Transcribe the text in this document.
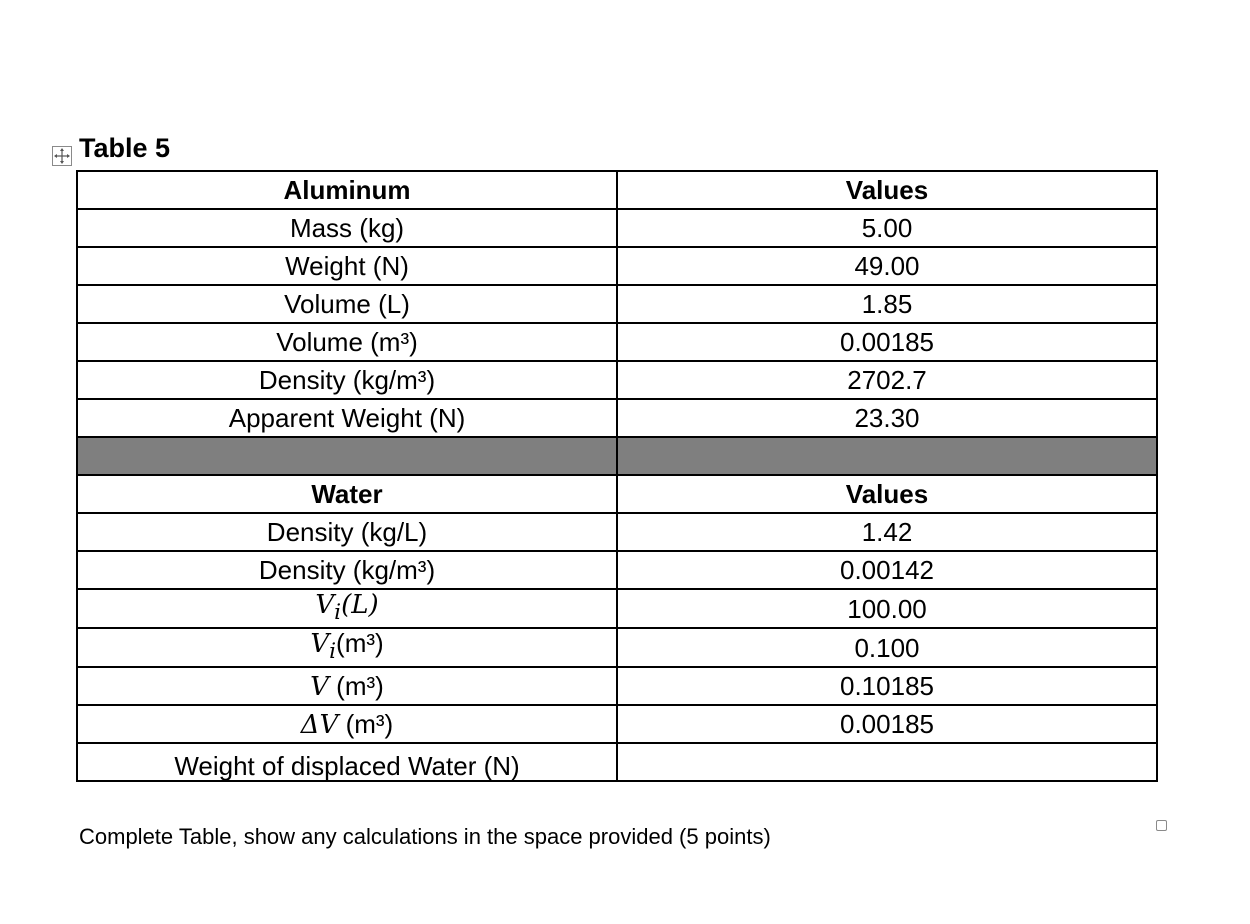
Table 5
Aluminum	Values
Mass (kg)	5.00
Weight (N)	49.00
Volume (L)	1.85
Volume (m³)	0.00185
Density (kg/m³)	2702.7
Apparent Weight (N)	23.30

Water	Values
Density (kg/L)	1.42
Density (kg/m³)	0.00142
$V_i(L)$	100.00
$V_i(m^3)$	0.100
V (m³)	0.10185
ΔV (m³)	0.00185
Weight of displaced Water (N)	
Complete Table, show any calculations in the space provided (5 points)
